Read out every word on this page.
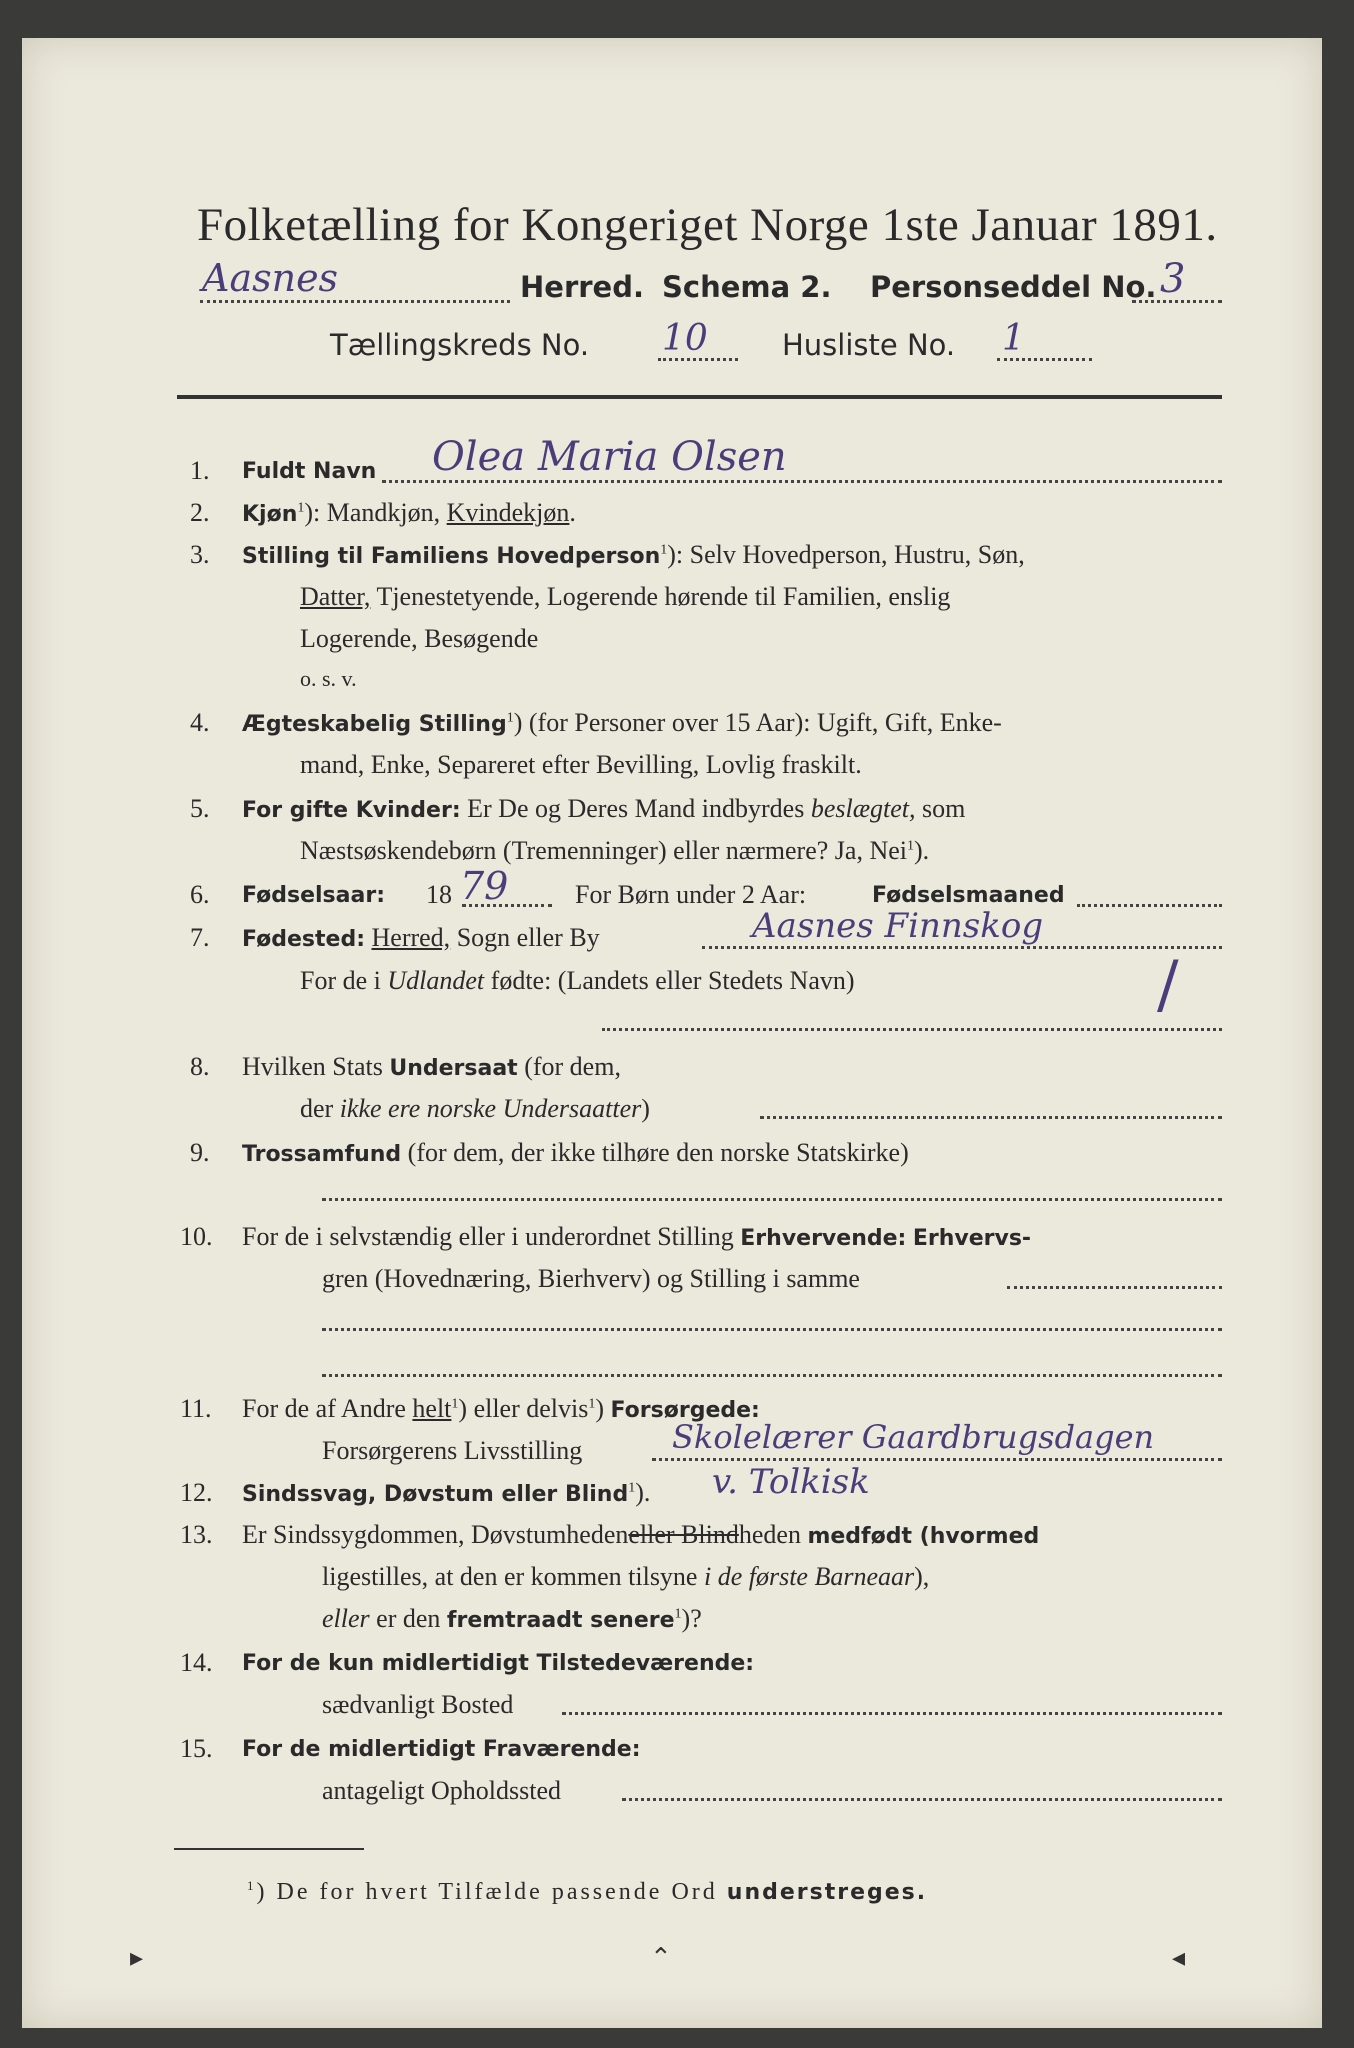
Folketælling for Kongeriget Norge 1ste Januar 1891.
Aasnes	Herred. Schema 2. Personseddel No. 3
Tællingskreds No. 10	Husliste No. 1
1. Fuldt Navn Olea Maria Olsen
2. Kjøn$^1$): Mandkjøn, Kvindekjøn.
3. Stilling til Familiens Hovedperson$^1$): Selv Hovedperson, Hustru, Søn,
Datter, Tjenestetyende, Logerende hørende til Familien, enslig
Logerende, Besøgende
o. s. v.
4. Ægteskabelig Stilling$^1$) (for Personer over 15 Aar): Ugift, Gift, Enke-
mand, Enke, Separeret efter Bevilling, Lovlig fraskilt.
5. For gifte Kvinder: Er De og Deres Mand indbyrdes beslægtet, som
Næstsøskendebørn (Tremenninger) eller nærmere? Ja, Nei$^1$).
6. Fødselsaar: 18 79	For Børn under 2 Aar:	Fødselsmaaned
7. Fødested: Herred, Sogn eller By	Aasnes Finnskog
For de i Udlandet fødte: (Landets eller Stedets Navn)	/
8. Hvilken Stats Undersaat (for dem,
der ikke ere norske Undersaatter)
9. Trossamfund (for dem, der ikke tilhøre den norske Statskirke)
10. For de i selvstændig eller i underordnet Stilling Erhvervende: Erhvervs-
gren (Hovednæring, Bierhverv) og Stilling i samme
11. For de af Andre helt$^1$) eller delvis$^1$) Forsørgede:
Forsørgerens Livsstilling	Skolelærer Gaardbrugsdagen
12. Sindssvag, Døvstum eller Blind$^1$). v. Tolkisk
13. Er Sindssygdommen, Døvstumhedeneller Blindheden medfødt (hvormed
ligestilles, at den er kommen tilsyne i de første Barneaar),
eller er den fremtraadt senere$^1$)?
14. For de kun midlertidigt Tilstedeværende:
sædvanligt Bosted
15. For de midlertidigt Fraværende:
antageligt Opholdssted
$^1$) De for hvert Tilfælde passende Ord understreges.
▸	⌃	◂
